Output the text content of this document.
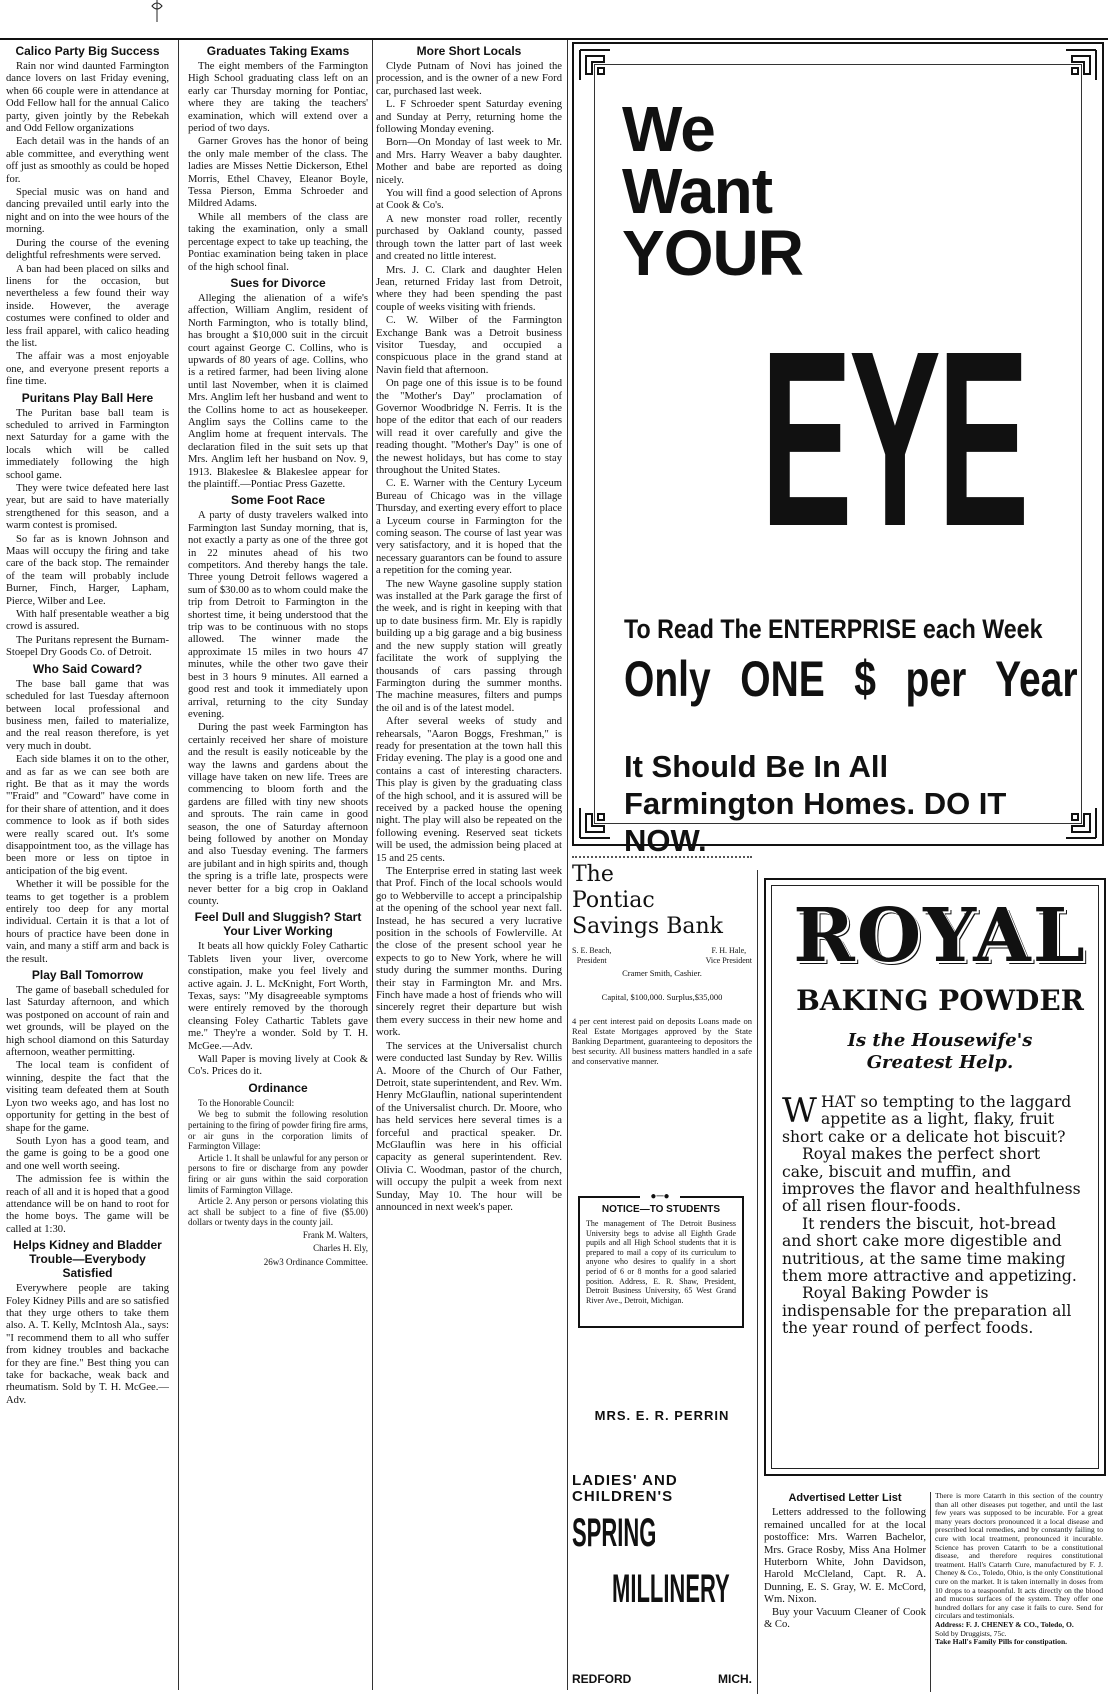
Calico Party Big Success

Rain nor wind daunted Farmington dance lovers on last Friday evening, when 66 couple were in attendance at Odd Fellow hall for the annual Calico party, given jointly by the Rebekah and Odd Fellow organizations

Each detail was in the hands of an able committee, and everything went off just as smoothly as could be hoped for.

Special music was on hand and dancing prevailed until early into the night and on into the wee hours of the morning.

During the course of the evening delightful refreshments were served.

A ban had been placed on silks and linens for the occasion, but nevertheless a few found their way inside. However, the average costumes were confined to older and less frail apparel, with calico heading the list.

The affair was a most enjoyable one, and everyone present reports a fine time.

Puritans Play Ball Here

The Puritan base ball team is scheduled to arrived in Farmington next Saturday for a game with the locals which will be called immediately following the high school game.

They were twice defeated here last year, but are said to have materially strengthened for this season, and a warm contest is promised.

So far as is known Johnson and Maas will occupy the firing and take care of the back stop. The remainder of the team will probably include Burner, Finch, Harger, Lapham, Pierce, Wilber and Lee.

With half presentable weather a big crowd is assured.

The Puritans represent the Burnam-Stoepel Dry Goods Co. of Detroit.

Who Said Coward?

The base ball game that was scheduled for last Tuesday afternoon between local professional and business men, failed to materialize, and the real reason therefore, is yet very much in doubt.

Each side blames it on to the other, and as far as we can see both are right. Be that as it may the words "'Fraid" and "Coward" have come in for their share of attention, and it does commence to look as if both sides were really scared out. It's some disappointment too, as the village has been more or less on tiptoe in anticipation of the big event.

Whether it will be possible for the teams to get together is a problem entirely too deep for any mortal individual. Certain it is that a lot of hours of practice have been done in vain, and many a stiff arm and back is the result.

Play Ball Tomorrow

The game of baseball scheduled for last Saturday afternoon, and which was postponed on account of rain and wet grounds, will be played on the high school diamond on this Saturday afternoon, weather permitting.

The local team is confident of winning, despite the fact that the visiting team defeated them at South Lyon two weeks ago, and has lost no opportunity for getting in the best of shape for the game.

South Lyon has a good team, and the game is going to be a good one and one well worth seeing.

The admission fee is within the reach of all and it is hoped that a good attendance will be on hand to root for the home boys. The game will be called at 1:30.

Helps Kidney and Bladder Trouble—Everybody Satisfied

Everywhere people are taking Foley Kidney Pills and are so satisfied that they urge others to take them also. A. T. Kelly, McIntosh Ala., says: "I recommend them to all who suffer from kidney troubles and backache for they are fine." Best thing you can take for backache, weak back and rheumatism. Sold by T. H. McGee.—Adv.

Graduates Taking Exams

The eight members of the Farmington High School graduating class left on an early car Thursday morning for Pontiac, where they are taking the teachers' examination, which will extend over a period of two days.

Garner Groves has the honor of being the only male member of the class. The ladies are Misses Nettie Dickerson, Ethel Morris, Ethel Chavey, Eleanor Boyle, Tessa Pierson, Emma Schroeder and Mildred Adams.

While all members of the class are taking the examination, only a small percentage expect to take up teaching, the Pontiac examination being taken in place of the high school final.

Sues for Divorce

Alleging the alienation of a wife's affection, William Anglim, resident of North Farmington, who is totally blind, has brought a $10,000 suit in the circuit court against George C. Collins, who is upwards of 80 years of age. Collins, who is a retired farmer, had been living alone until last November, when it is claimed Mrs. Anglim left her husband and went to the Collins home to act as housekeeper. Anglim says the Collins came to the Anglim home at frequent intervals. The declaration filed in the suit sets up that Mrs. Anglim left her husband on Nov. 9, 1913. Blakeslee & Blakeslee appear for the plaintiff.—Pontiac Press Gazette.

Some Foot Race

A party of dusty travelers walked into Farmington last Sunday morning, that is, not exactly a party as one of the three got in 22 minutes ahead of his two competitors. And thereby hangs the tale. Three young Detroit fellows wagered a sum of $30.00 as to whom could make the trip from Detroit to Farmington in the shortest time, it being understood that the trip was to be continuous with no stops allowed. The winner made the approximate 15 miles in two hours 47 minutes, while the other two gave their best in 3 hours 9 minutes. All earned a good rest and took it immediately upon arrival, returning to the city Sunday evening.

During the past week Farmington has certainly received her share of moisture and the result is easily noticeable by the way the lawns and gardens about the village have taken on new life. Trees are commencing to bloom forth and the gardens are filled with tiny new shoots and sprouts. The rain came in good season, the one of Saturday afternoon being followed by another on Monday and also Tuesday evening. The farmers are jubilant and in high spirits and, though the spring is a trifle late, prospects were never better for a big crop in Oakland county.

Feel Dull and Sluggish? Start Your Liver Working

It beats all how quickly Foley Cathartic Tablets liven your liver, overcome constipation, make you feel lively and active again. J. L. McKnight, Fort Worth, Texas, says: "My disagreeable symptoms were entirely removed by the thorough cleansing Foley Cathartic Tablets gave me." They're a wonder. Sold by T. H. McGee.—Adv.

Wall Paper is moving lively at Cook & Co's. Prices do it.

Ordinance

To the Honorable Council:

We beg to submit the following resolution pertaining to the firing of powder firing fire arms, or air guns in the corporation limits of Farmington Village:

Article 1. It shall be unlawful for any person or persons to fire or discharge from any powder firing or air guns within the said corporation limits of Farmington Village.

Article 2. Any person or persons violating this act shall be subject to a fine of five ($5.00) dollars or twenty days in the county jail.

Frank M. Walters,

Charles H. Ely,

26w3 Ordinance Committee.

More Short Locals

Clyde Putnam of Novi has joined the procession, and is the owner of a new Ford car, purchased last week.

L. F Schroeder spent Saturday evening and Sunday at Perry, returning home the following Monday evening.

Born—On Monday of last week to Mr. and Mrs. Harry Weaver a baby daughter. Mother and babe are reported as doing nicely.

You will find a good selection of Aprons at Cook & Co's.

A new monster road roller, recently purchased by Oakland county, passed through town the latter part of last week and created no little interest.

Mrs. J. C. Clark and daughter Helen Jean, returned Friday last from Detroit, where they had been spending the past couple of weeks visiting with friends.

C. W. Wilber of the Farmington Exchange Bank was a Detroit business visitor Tuesday, and occupied a conspicuous place in the grand stand at Navin field that afternoon.

On page one of this issue is to be found the "Mother's Day" proclamation of Governor Woodbridge N. Ferris. It is the hope of the editor that each of our readers will read it over carefully and give the reading thought. "Mother's Day" is one of the newest holidays, but has come to stay throughout the United States.

C. E. Warner with the Century Lyceum Bureau of Chicago was in the village Thursday, and exerting every effort to place a Lyceum course in Farmington for the coming season. The course of last year was very satisfactory, and it is hoped that the necessary guarantors can be found to assure a repetition for the coming year.

The new Wayne gasoline supply station was installed at the Park garage the first of the week, and is right in keeping with that up to date business firm. Mr. Ely is rapidly building up a big garage and a big business and the new supply station will greatly facilitate the work of supplying the thousands of cars passing through Farmington during the summer months. The machine measures, filters and pumps the oil and is of the latest model.

After several weeks of study and rehearsals, "Aaron Boggs, Freshman," is ready for presentation at the town hall this Friday evening. The play is a good one and contains a cast of interesting characters. This play is given by the graduating class of the high school, and it is assured will be received by a packed house the opening night. The play will also be repeated on the following evening. Reserved seat tickets will be used, the admission being placed at 15 and 25 cents.

The Enterprise erred in stating last week that Prof. Finch of the local schools would go to Webberville to accept a principalship at the opening of the school year next fall. Instead, he has secured a very lucrative position in the schools of Fowlerville. At the close of the present school year he expects to go to New York, where he will study during the summer months. During their stay in Farmington Mr. and Mrs. Finch have made a host of friends who will sincerely regret their departure but wish them every success in their new home and work.

The services at the Universalist church were conducted last Sunday by Rev. Willis A. Moore of the Church of Our Father, Detroit, state superintendent, and Rev. Wm. Henry McGlauflin, national superintendent of the Universalist church. Dr. Moore, who has held services here several times is a forceful and practical speaker. Dr. McGlauflin was here in his official capacity as general superintendent. Rev. Olivia C. Woodman, pastor of the church, will occupy the pulpit a week from next Sunday, May 10. The hour will be announced in next week's paper.

We
Want
YOUR
EYE
To Read The ENTERPRISE each Week
Only ONE $ per Year
It Should Be In All Farmington Homes. DO IT NOW.
The
Pontiac
Savings Bank
S. E. Beach,
President
F. H. Hale,
Vice President
Cramer Smith, Cashier.
Capital, $100,000. Surplus,$35,000
4 per cent interest paid on deposits Loans made on Real Estate Mortgages approved by the State Banking Department, guaranteeing to depositors the best security. All business matters handled in a safe and conservative manner.
●─●
NOTICE—TO STUDENTS

The management of The Detroit Business University begs to advise all Eighth Grade pupils and all High School students that it is prepared to mail a copy of its curriculum to anyone who desires to qualify in a short period of 6 or 8 months for a good salaried position. Address, E. R. Shaw, President, Detroit Business University, 65 West Grand River Ave., Detroit, Michigan.

MRS. E. R. PERRIN
LADIES' AND
CHILDREN'S
SPRING
MILLINERY
REDFORD	MICH.
ROYAL
BAKING POWDER
Is the Housewife's
Greatest Help.

WHAT so tempting to the laggard appetite as a light, flaky, fruit short cake or a delicate hot biscuit?

Royal makes the perfect short cake, biscuit and muffin, and improves the flavor and healthfulness of all risen flour-foods.

It renders the biscuit, hot-bread and short cake more digestible and nutritious, at the same time making them more attractive and appetizing.

Royal Baking Powder is indispensable for the preparation all the year round of perfect foods.

Advertised Letter List

Letters addressed to the following remained uncalled for at the local postoffice: Mrs. Warren Bachelor, Mrs. Grace Rosby, Miss Ana Holmer Huterborn White, John Davidson, Harold McCleland, Capt. R. A. Dunning, E. S. Gray, W. E. McCord, Wm. Nixon.

Buy your Vacuum Cleaner of Cook & Co.

There is more Catarrh in this section of the country than all other diseases put together, and until the last few years was supposed to be incurable. For a great many years doctors pronounced it a local disease and prescribed local remedies, and by constantly failing to cure with local treatment, pronounced it incurable. Science has proven Catarrh to be a constitutional disease, and therefore requires constitutional treatment. Hall's Catarrh Cure, manufactured by F. J. Cheney & Co., Toledo, Ohio, is the only Constitutional cure on the market. It is taken internally in doses from 10 drops to a teaspoonful. It acts directly on the blood and mucous surfaces of the system. They offer one hundred dollars for any case it fails to cure. Send for circulars and testimonials.

Address: F. J. CHENEY & CO., Toledo, O.

Sold by Druggists, 75c.

Take Hall's Family Pills for constipation.
